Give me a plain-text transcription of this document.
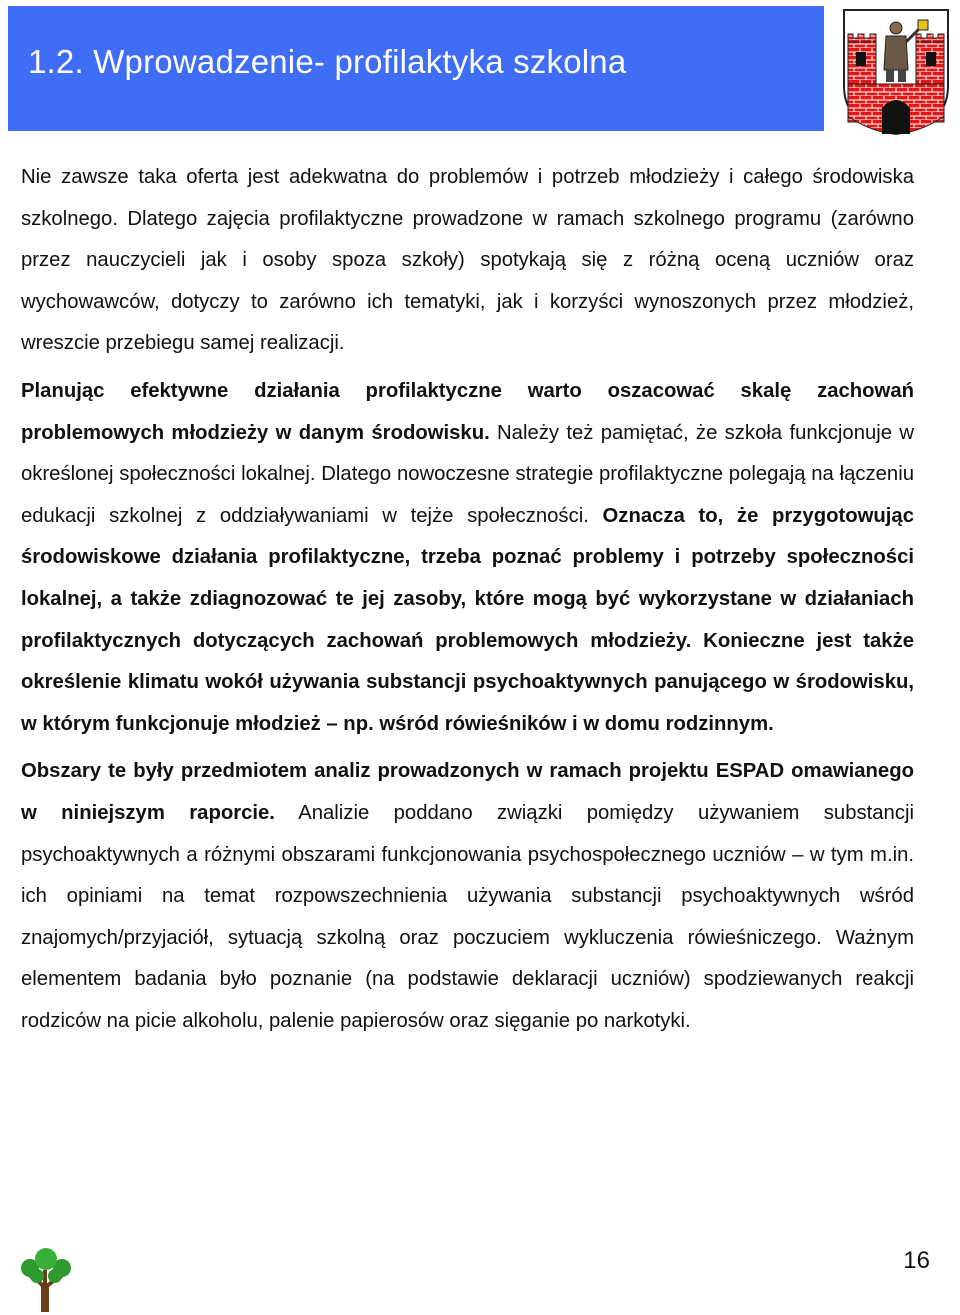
1.2. Wprowadzenie- profilaktyka szkolna

Nie zawsze taka oferta jest adekwatna do problemów i potrzeb młodzieży i całego środowiska szkolnego. Dlatego zajęcia profilaktyczne prowadzone w ramach szkolnego programu (zarówno przez nauczycieli jak i osoby spoza szkoły) spotykają się z różną oceną uczniów oraz wychowawców, dotyczy to zarówno ich tematyki, jak i korzyści wynoszonych przez młodzież, wreszcie przebiegu samej realizacji.

Planując efektywne działania profilaktyczne warto oszacować skalę zachowań problemowych młodzieży w danym środowisku. Należy też pamiętać, że szkoła funkcjonuje w określonej społeczności lokalnej. Dlatego nowoczesne strategie profilaktyczne polegają na łączeniu edukacji szkolnej z oddziaływaniami w tejże społeczności. Oznacza to, że przygotowując środowiskowe działania profilaktyczne, trzeba poznać problemy i potrzeby społeczności lokalnej, a także zdiagnozować te jej zasoby, które mogą być wykorzystane w działaniach profilaktycznych dotyczących zachowań problemowych młodzieży. Konieczne jest także określenie klimatu wokół używania substancji psychoaktywnych panującego w środowisku, w którym funkcjonuje młodzież – np. wśród rówieśników i w domu rodzinnym.

Obszary te były przedmiotem analiz prowadzonych w ramach projektu ESPAD omawianego w niniejszym raporcie. Analizie poddano związki pomiędzy używaniem substancji psychoaktywnych a różnymi obszarami funkcjonowania psychospołecznego uczniów – w tym m.in. ich opiniami na temat rozpowszechnienia używania substancji psychoaktywnych wśród znajomych/przyjaciół, sytuacją szkolną oraz poczuciem wykluczenia rówieśniczego. Ważnym elementem badania było poznanie (na podstawie deklaracji uczniów) spodziewanych reakcji rodziców na picie alkoholu, palenie papierosów oraz sięganie po narkotyki.

16
